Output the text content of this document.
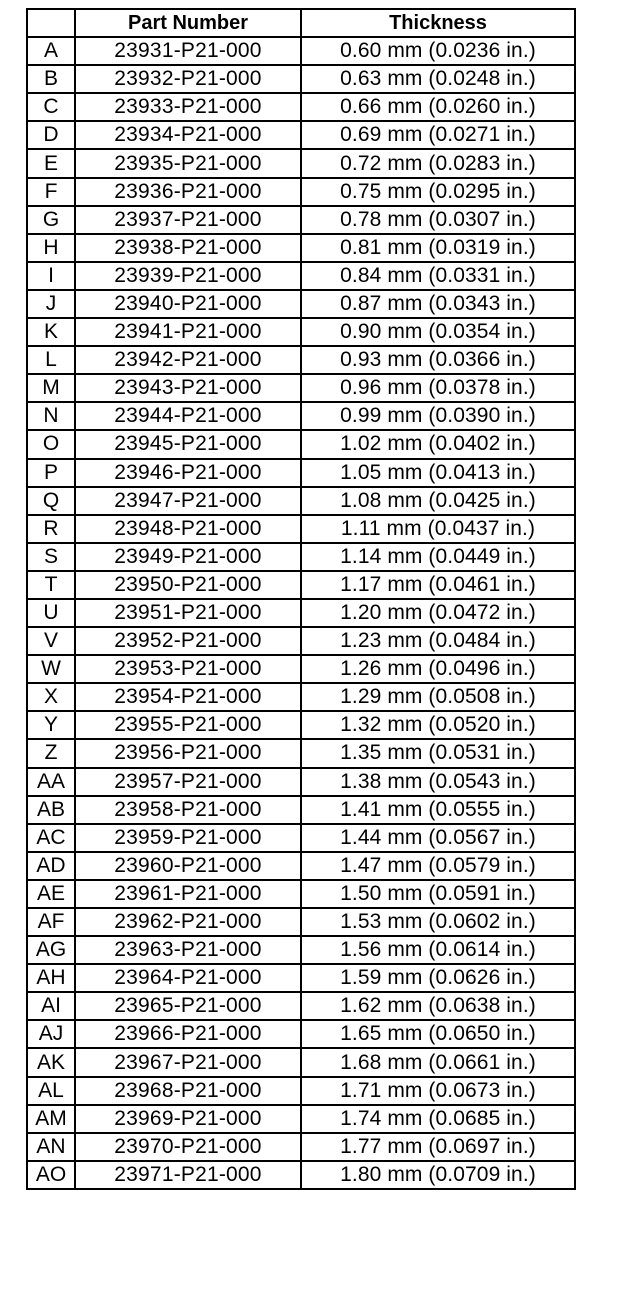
	Part Number	Thickness
A	23931-P21-000	0.60 mm (0.0236 in.)
B	23932-P21-000	0.63 mm (0.0248 in.)
C	23933-P21-000	0.66 mm (0.0260 in.)
D	23934-P21-000	0.69 mm (0.0271 in.)
E	23935-P21-000	0.72 mm (0.0283 in.)
F	23936-P21-000	0.75 mm (0.0295 in.)
G	23937-P21-000	0.78 mm (0.0307 in.)
H	23938-P21-000	0.81 mm (0.0319 in.)
I	23939-P21-000	0.84 mm (0.0331 in.)
J	23940-P21-000	0.87 mm (0.0343 in.)
K	23941-P21-000	0.90 mm (0.0354 in.)
L	23942-P21-000	0.93 mm (0.0366 in.)
M	23943-P21-000	0.96 mm (0.0378 in.)
N	23944-P21-000	0.99 mm (0.0390 in.)
O	23945-P21-000	1.02 mm (0.0402 in.)
P	23946-P21-000	1.05 mm (0.0413 in.)
Q	23947-P21-000	1.08 mm (0.0425 in.)
R	23948-P21-000	1.11 mm (0.0437 in.)
S	23949-P21-000	1.14 mm (0.0449 in.)
T	23950-P21-000	1.17 mm (0.0461 in.)
U	23951-P21-000	1.20 mm (0.0472 in.)
V	23952-P21-000	1.23 mm (0.0484 in.)
W	23953-P21-000	1.26 mm (0.0496 in.)
X	23954-P21-000	1.29 mm (0.0508 in.)
Y	23955-P21-000	1.32 mm (0.0520 in.)
Z	23956-P21-000	1.35 mm (0.0531 in.)
AA	23957-P21-000	1.38 mm (0.0543 in.)
AB	23958-P21-000	1.41 mm (0.0555 in.)
AC	23959-P21-000	1.44 mm (0.0567 in.)
AD	23960-P21-000	1.47 mm (0.0579 in.)
AE	23961-P21-000	1.50 mm (0.0591 in.)
AF	23962-P21-000	1.53 mm (0.0602 in.)
AG	23963-P21-000	1.56 mm (0.0614 in.)
AH	23964-P21-000	1.59 mm (0.0626 in.)
AI	23965-P21-000	1.62 mm (0.0638 in.)
AJ	23966-P21-000	1.65 mm (0.0650 in.)
AK	23967-P21-000	1.68 mm (0.0661 in.)
AL	23968-P21-000	1.71 mm (0.0673 in.)
AM	23969-P21-000	1.74 mm (0.0685 in.)
AN	23970-P21-000	1.77 mm (0.0697 in.)
AO	23971-P21-000	1.80 mm (0.0709 in.)
